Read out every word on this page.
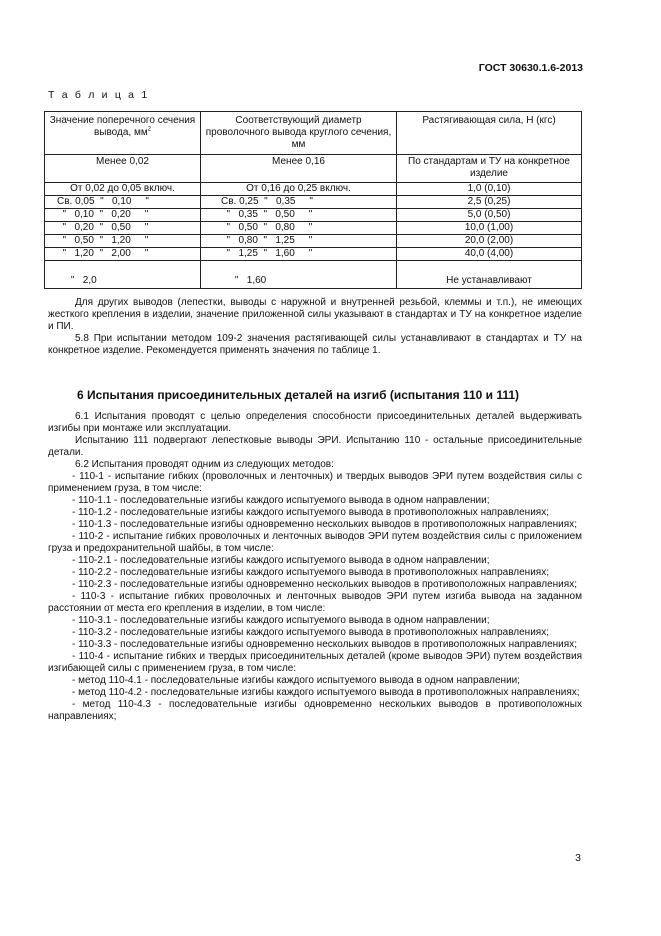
ГОСТ 30630.1.6-2013
Т а б л и ц а 1
Значение поперечного сечения вывода, $мм^2$	Соответствующий диаметр проволочного вывода круглого сечения, мм	Растягивающая сила, Н (кгс)
Менее 0,02	Менее 0,16	По стандартам и ТУ на конкретное изделие
От 0,02 до 0,05 включ.	От 0,16 до 0,25 включ.	1,0 (0,10)
Св. 0,05  "   0,10     "	Св. 0,25  "   0,35     "	2,5 (0,25)
"   0,10  "   0,20     "	"   0,35  "   0,50     "	5,0 (0,50)
"   0,20  "   0,50     "	"   0,50  "   0,80     "	10,0 (1,00)
"   0,50  "   1,20     "	"   0,80  "   1,25     "	20,0 (2,00)
"   1,20  "   2,00     "	"   1,25  "   1,60     "	40,0 (4,00)
"   2,0	"   1,60	Не устанавливают

Для других выводов (лепестки, выводы с наружной и внутренней резьбой, клеммы и т.п.), не имеющих жесткого крепления в изделии, значение приложенной силы указывают в стандартах и ТУ на конкретное изделие и ПИ.

5.8 При испытании методом 109-2 значения растягивающей силы устанавливают в стандартах и ТУ на конкретное изделие. Рекомендуется применять значения по таблице 1.

6 Испытания присоединительных деталей на изгиб (испытания 110 и 111)

6.1 Испытания проводят с целью определения способности присоединительных деталей выдерживать изгибы при монтаже или эксплуатации.

Испытанию 111 подвергают лепестковые выводы ЭРИ. Испытанию 110 - остальные присоединительные детали.

6.2 Испытания проводят одним из следующих методов:

- 110-1 - испытание гибких (проволочных и ленточных) и твердых выводов ЭРИ путем воздействия силы с применением груза, в том числе:

- 110-1.1 - последовательные изгибы каждого испытуемого вывода в одном направлении;

- 110-1.2 - последовательные изгибы каждого испытуемого вывода в противоположных направлениях;

- 110-1.3 - последовательные изгибы одновременно нескольких выводов в противоположных направлениях;

- 110-2 - испытание гибких проволочных и ленточных выводов ЭРИ путем воздействия силы с приложением груза и предохранительной шайбы, в том числе:

- 110-2.1 - последовательные изгибы каждого испытуемого вывода в одном направлении;

- 110-2.2 - последовательные изгибы каждого испытуемого вывода в противоположных направлениях;

- 110-2.3 - последовательные изгибы одновременно нескольких выводов в противоположных направлениях;

- 110-3 - испытание гибких проволочных и ленточных выводов ЭРИ путем изгиба вывода на заданном расстоянии от места его крепления в изделии, в том числе:

- 110-3.1 - последовательные изгибы каждого испытуемого вывода в одном направлении;

- 110-3.2 - последовательные изгибы каждого испытуемого вывода в противоположных направлениях;

- 110-3.3 - последовательные изгибы одновременно нескольких выводов в противоположных направлениях;

- 110-4 - испытание гибких и твердых присоединительных деталей (кроме выводов ЭРИ) путем воздействия изгибающей силы с применением груза, в том числе:

- метод 110-4.1 - последовательные изгибы каждого испытуемого вывода в одном направлении;

- метод 110-4.2 - последовательные изгибы каждого испытуемого вывода в противоположных направлениях;

- метод 110-4.3 - последовательные изгибы одновременно нескольких выводов в противоположных направлениях;

3
